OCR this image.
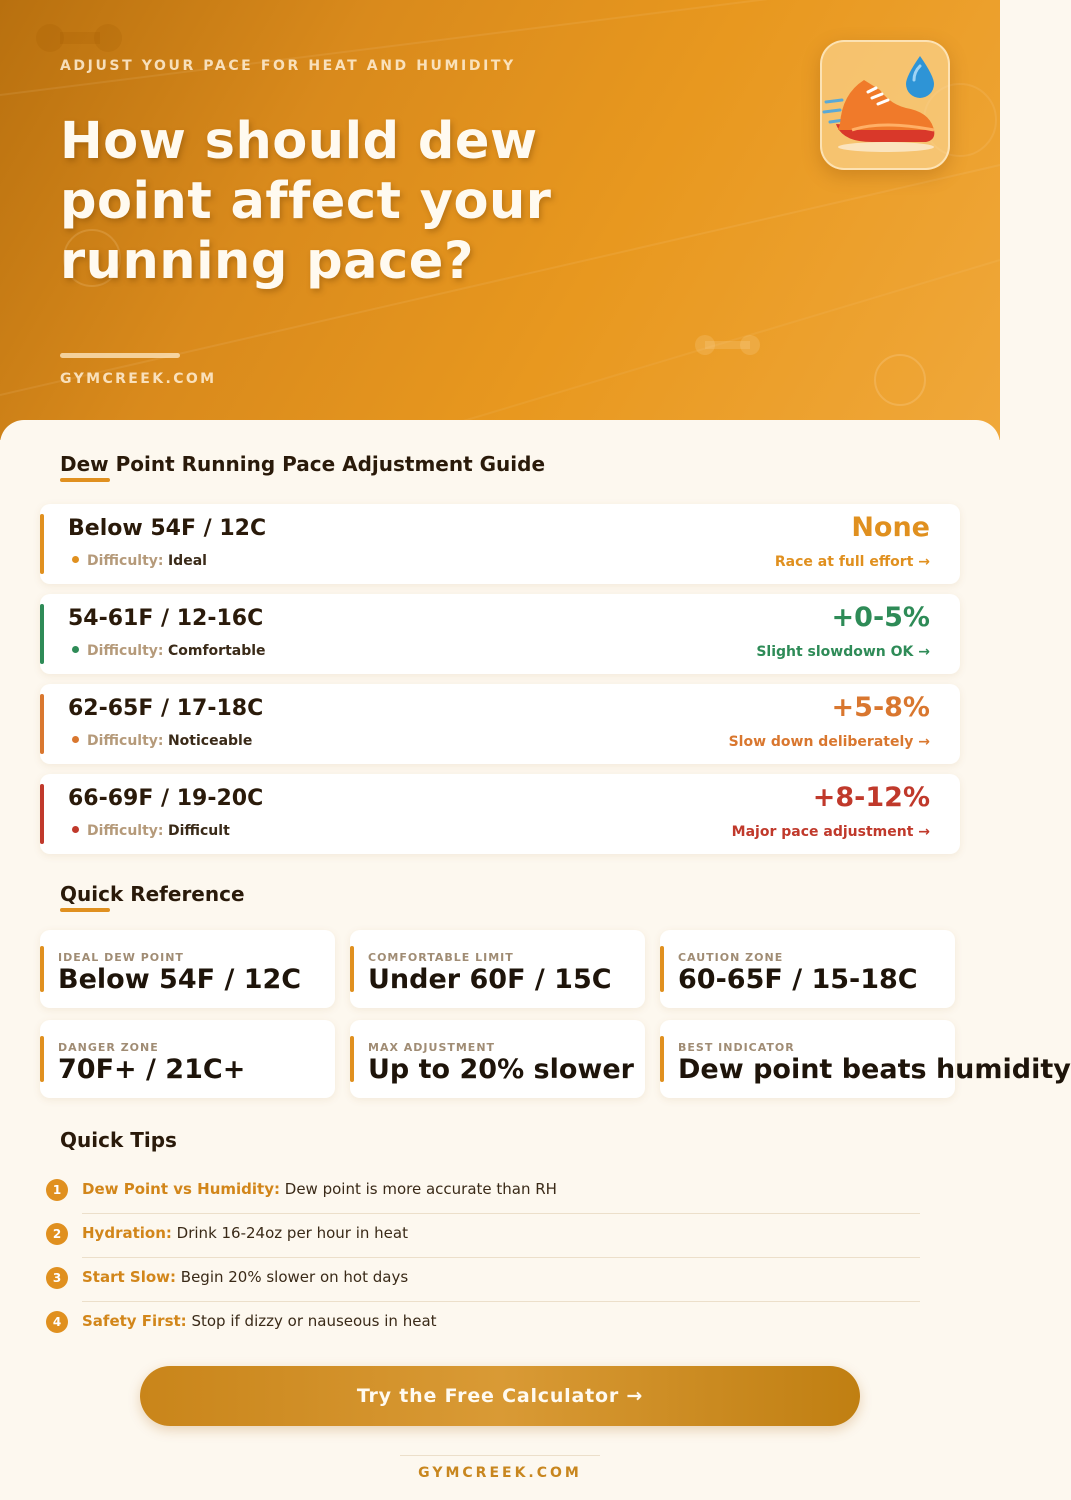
ADJUST YOUR PACE FOR HEAT AND HUMIDITY
How should dew point affect your running pace?
GYMCREEK.COM
Dew Point Running Pace Adjustment Guide
Below 54F / 12C
Difficulty: Ideal
None
Race at full effort →
54-61F / 12-16C
Difficulty: Comfortable
+0-5%
Slight slowdown OK →
62-65F / 17-18C
Difficulty: Noticeable
+5-8%
Slow down deliberately →
66-69F / 19-20C
Difficulty: Difficult
+8-12%
Major pace adjustment →
Quick Reference
IDEAL DEW POINT
Below 54F / 12C
COMFORTABLE LIMIT
Under 60F / 15C
CAUTION ZONE
60-65F / 15-18C
DANGER ZONE
70F+ / 21C+
MAX ADJUSTMENT
Up to 20% slower
BEST INDICATOR
Dew point beats humidity
Quick Tips
1	Dew Point vs Humidity: Dew point is more accurate than RH
2	Hydration: Drink 16-24oz per hour in heat
3	Start Slow: Begin 20% slower on hot days
4	Safety First: Stop if dizzy or nauseous in heat
Try the Free Calculator →
GYMCREEK.COM
